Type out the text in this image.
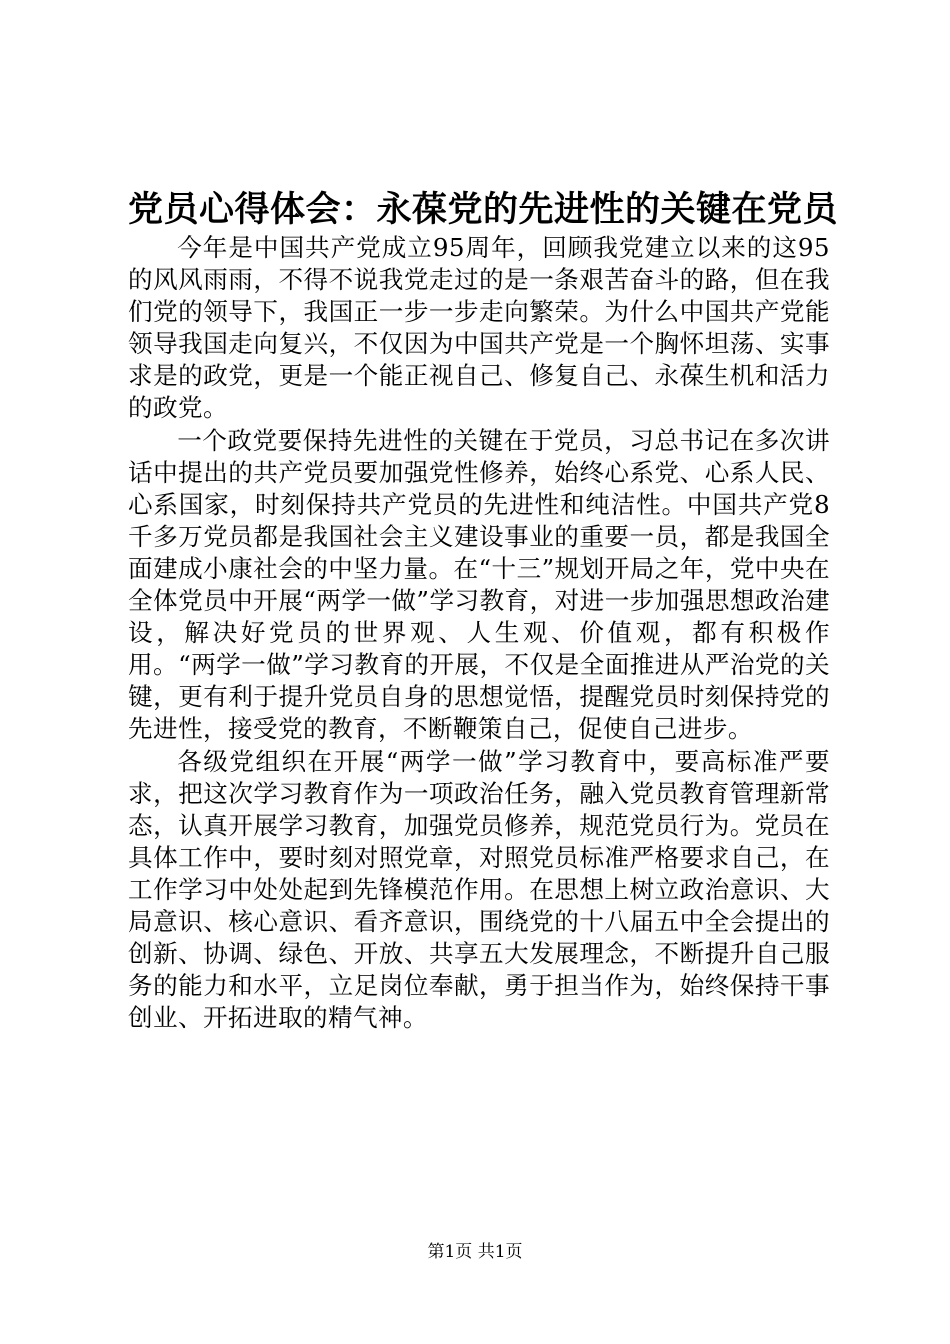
党员心得体会：永葆党的先进性的关键在党员

今年是中国共产党成立95周年，回顾我党建立以来的这95的风风雨雨，不得不说我党走过的是一条艰苦奋斗的路，但在我们党的领导下，我国正一步一步走向繁荣。为什么中国共产党能领导我国走向复兴，不仅因为中国共产党是一个胸怀坦荡、实事求是的政党，更是一个能正视自己、修复自己、永葆生机和活力的政党。

一个政党要保持先进性的关键在于党员，习总书记在多次讲话中提出的共产党员要加强党性修养，始终心系党、心系人民、心系国家，时刻保持共产党员的先进性和纯洁性。中国共产党8千多万党员都是我国社会主义建设事业的重要一员，都是我国全面建成小康社会的中坚力量。在“十三”规划开局之年，党中央在全体党员中开展“两学一做”学习教育，对进一步加强思想政治建设，解决好党员的世界观、人生观、价值观，都有积极作用。“两学一做”学习教育的开展，不仅是全面推进从严治党的关键，更有利于提升党员自身的思想觉悟，提醒党员时刻保持党的先进性，接受党的教育，不断鞭策自己，促使自己进步。

各级党组织在开展“两学一做”学习教育中，要高标准严要求，把这次学习教育作为一项政治任务，融入党员教育管理新常态，认真开展学习教育，加强党员修养，规范党员行为。党员在具体工作中，要时刻对照党章，对照党员标准严格要求自己，在工作学习中处处起到先锋模范作用。在思想上树立政治意识、大局意识、核心意识、看齐意识，围绕党的十八届五中全会提出的创新、协调、绿色、开放、共享五大发展理念，不断提升自己服务的能力和水平，立足岗位奉献，勇于担当作为，始终保持干事创业、开拓进取的精气神。

第1页 共1页
